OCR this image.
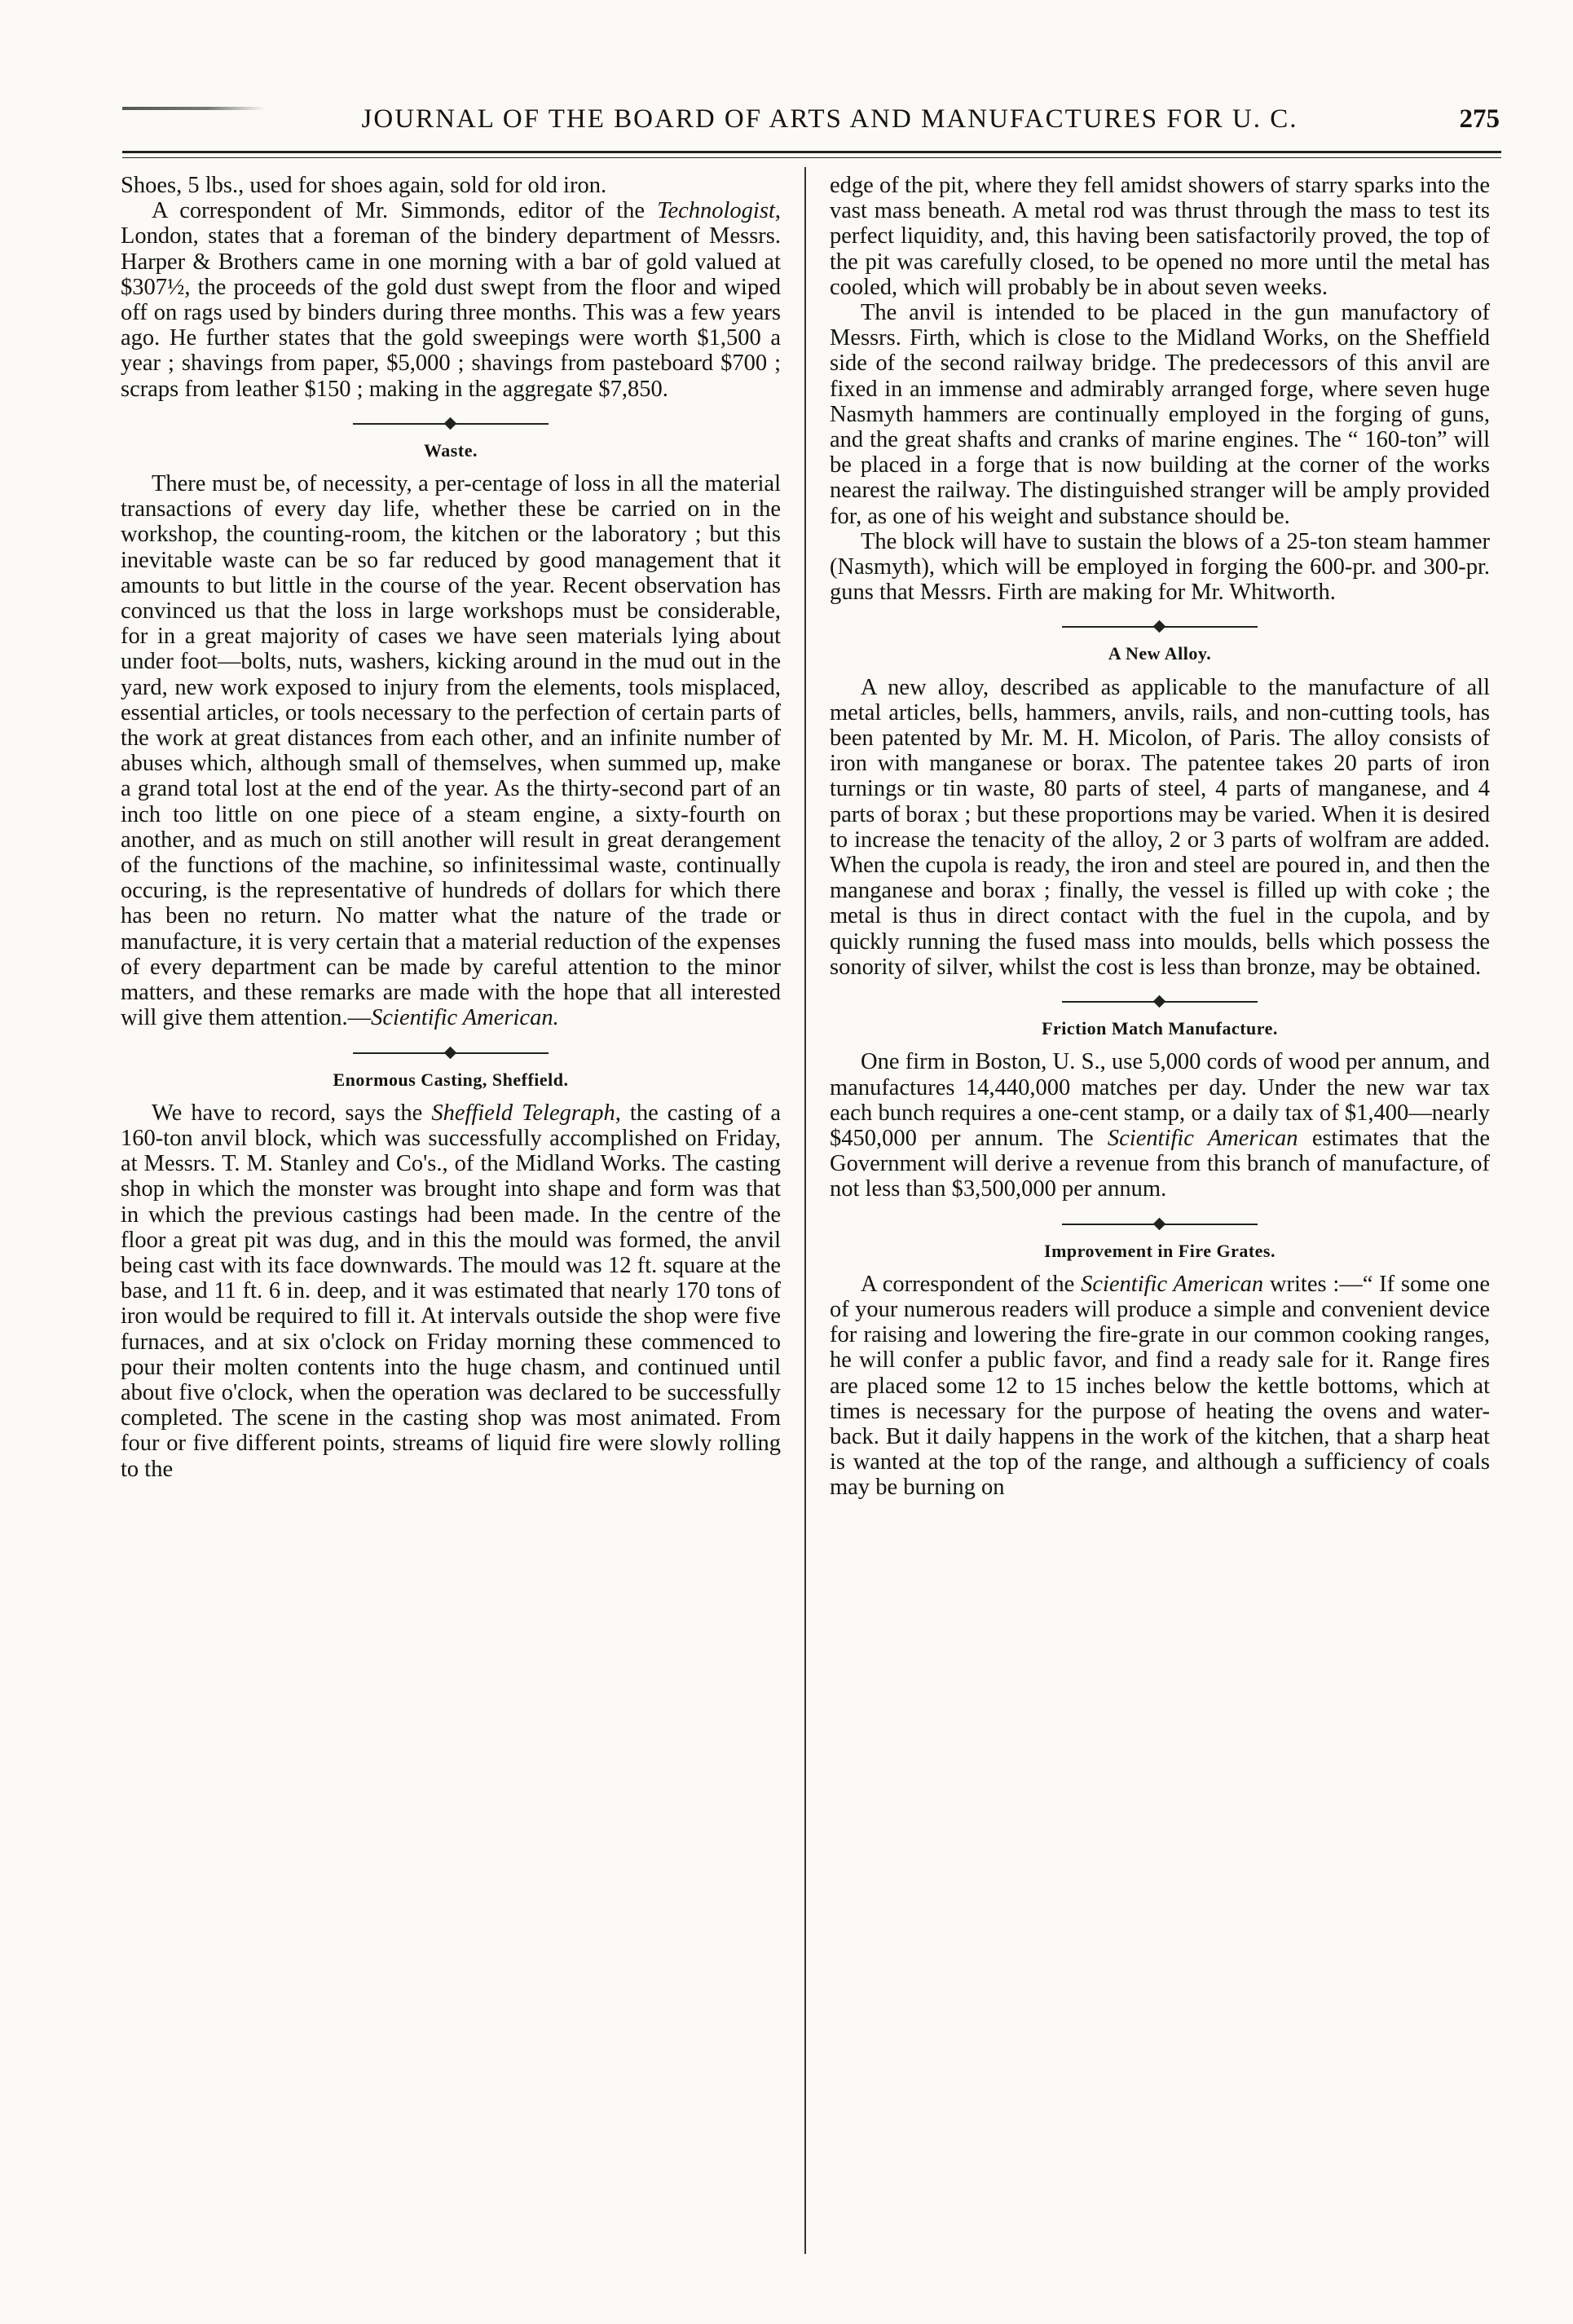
JOURNAL OF THE BOARD OF ARTS AND MANUFACTURES FOR U. C.	275

Shoes, 5 lbs., used for shoes again, sold for old iron.

A correspondent of Mr. Simmonds, editor of the Technologist, London, states that a foreman of the bindery department of Messrs. Harper & Brothers came in one morning with a bar of gold valued at $307½, the proceeds of the gold dust swept from the floor and wiped off on rags used by binders during three months. This was a few years ago. He further states that the gold sweepings were worth $1,500 a year ; shavings from paper, $5,000 ; shavings from pasteboard $700 ; scraps from leather $150 ; making in the aggregate $7,850.

Waste.

There must be, of necessity, a per-centage of loss in all the material transactions of every day life, whether these be carried on in the workshop, the counting-room, the kitchen or the laboratory ; but this inevitable waste can be so far reduced by good management that it amounts to but little in the course of the year. Recent observation has convinced us that the loss in large workshops must be considerable, for in a great majority of cases we have seen materials lying about under foot—bolts, nuts, washers, kicking around in the mud out in the yard, new work exposed to injury from the elements, tools misplaced, essential articles, or tools necessary to the perfection of certain parts of the work at great distances from each other, and an infinite number of abuses which, although small of themselves, when summed up, make a grand total lost at the end of the year. As the thirty-second part of an inch too little on one piece of a steam engine, a sixty-fourth on another, and as much on still another will result in great derangement of the functions of the machine, so infinitessimal waste, continually occuring, is the representative of hundreds of dollars for which there has been no return. No matter what the nature of the trade or manufacture, it is very certain that a material reduction of the expenses of every department can be made by careful attention to the minor matters, and these remarks are made with the hope that all interested will give them attention.—Scientific American.

Enormous Casting, Sheffield.

We have to record, says the Sheffield Telegraph, the casting of a 160-ton anvil block, which was successfully accomplished on Friday, at Messrs. T. M. Stanley and Co's., of the Midland Works. The casting shop in which the monster was brought into shape and form was that in which the previous castings had been made. In the centre of the floor a great pit was dug, and in this the mould was formed, the anvil being cast with its face downwards. The mould was 12 ft. square at the base, and 11 ft. 6 in. deep, and it was estimated that nearly 170 tons of iron would be required to fill it. At intervals outside the shop were five furnaces, and at six o'clock on Friday morning these commenced to pour their molten contents into the huge chasm, and continued until about five o'clock, when the operation was declared to be successfully completed. The scene in the casting shop was most animated. From four or five different points, streams of liquid fire were slowly rolling to the

edge of the pit, where they fell amidst showers of starry sparks into the vast mass beneath. A metal rod was thrust through the mass to test its perfect liquidity, and, this having been satisfactorily proved, the top of the pit was carefully closed, to be opened no more until the metal has cooled, which will probably be in about seven weeks.

The anvil is intended to be placed in the gun manufactory of Messrs. Firth, which is close to the Midland Works, on the Sheffield side of the second railway bridge. The predecessors of this anvil are fixed in an immense and admirably arranged forge, where seven huge Nasmyth hammers are continually employed in the forging of guns, and the great shafts and cranks of marine engines. The “ 160-ton” will be placed in a forge that is now building at the corner of the works nearest the railway. The distinguished stranger will be amply provided for, as one of his weight and substance should be.

The block will have to sustain the blows of a 25-ton steam hammer (Nasmyth), which will be employed in forging the 600-pr. and 300-pr. guns that Messrs. Firth are making for Mr. Whitworth.

A New Alloy.

A new alloy, described as applicable to the manufacture of all metal articles, bells, hammers, anvils, rails, and non-cutting tools, has been patented by Mr. M. H. Micolon, of Paris. The alloy consists of iron with manganese or borax. The patentee takes 20 parts of iron turnings or tin waste, 80 parts of steel, 4 parts of manganese, and 4 parts of borax ; but these proportions may be varied. When it is desired to increase the tenacity of the alloy, 2 or 3 parts of wolfram are added. When the cupola is ready, the iron and steel are poured in, and then the manganese and borax ; finally, the vessel is filled up with coke ; the metal is thus in direct contact with the fuel in the cupola, and by quickly running the fused mass into moulds, bells which possess the sonority of silver, whilst the cost is less than bronze, may be obtained.

Friction Match Manufacture.

One firm in Boston, U. S., use 5,000 cords of wood per annum, and manufactures 14,440,000 matches per day. Under the new war tax each bunch requires a one-cent stamp, or a daily tax of $1,400—nearly $450,000 per annum. The Scientific American estimates that the Government will derive a revenue from this branch of manufacture, of not less than $3,500,000 per annum.

Improvement in Fire Grates.

A correspondent of the Scientific American writes :—“ If some one of your numerous readers will produce a simple and convenient device for raising and lowering the fire-grate in our common cooking ranges, he will confer a public favor, and find a ready sale for it. Range fires are placed some 12 to 15 inches below the kettle bottoms, which at times is necessary for the purpose of heating the ovens and water-back. But it daily happens in the work of the kitchen, that a sharp heat is wanted at the top of the range, and although a sufficiency of coals may be burning on
